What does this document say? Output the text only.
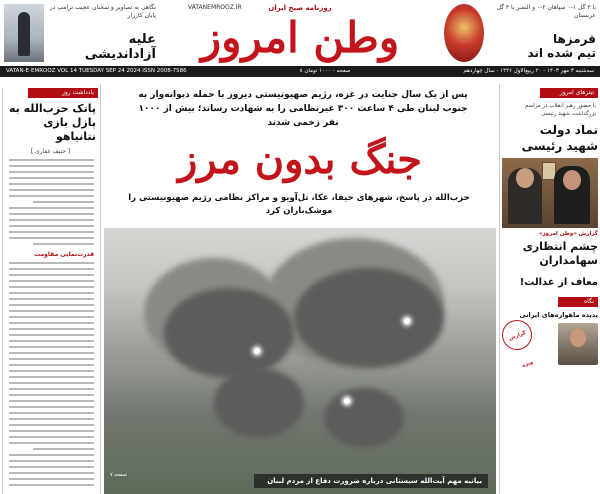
نگاهی به تصاویر و سخنان عجیب ترامپ در پایان کارزار
علیه
آزاداندیشی
VATANEMROOZ.IR	روزنامه صبح ایران
وطن امروز
با ۳ گل ۱-۰ سپاهان ۲-۰ و النصر با ۳ گل عربستان
قرمزها
تیم شده اند
VATAN-E-EMROOZ VOL 14 TUESDAY SEP 24 2024 ISSN 2008-7586	۸ صفحه - ۱۰۰۰ تومان	سه‌شنبه ۳ مهر ۱۴۰۳ - ۲۰ ربیع‌الاول ۱۴۴۶ - سال چهاردهم
یادداشت روز
پاتک حزب‌الله به پازل بازی نتانیاهو
[ حنیف غفاری ]
قدرت‌نمایی مقاومت
پس از یک سال جنایت در غزه، رژیم صهیونیستی دیروز با حمله دیوانه‌وار به جنوب لبنان طی ۴ ساعت ۳۰۰ غیرنظامی را به شهادت رساند؛ بیش از ۱۰۰۰ نفر زخمی شدند
جنگ بدون مرز
حزب‌الله در پاسخ، شهرهای حیفا، عکا، تل‌آویو و مراکز نظامی رژیم صهیونیستی را موشک‌باران کرد
صفحه ۷
بیانیه مهم آیت‌الله سیستانی درباره ضرورت دفاع از مردم لبنان
تیترهای امروز
با حضور رهبر انقلاب در مراسم بزرگداشت شهید رئیسی
نماد دولت
شهید رئیسی
گزارش «وطن امروز»
چشم انتظاری
سهامداران
گزارش ویژه
معاف از عدالت!
نگاه
پدیده ماهواره‌های ایرانی
